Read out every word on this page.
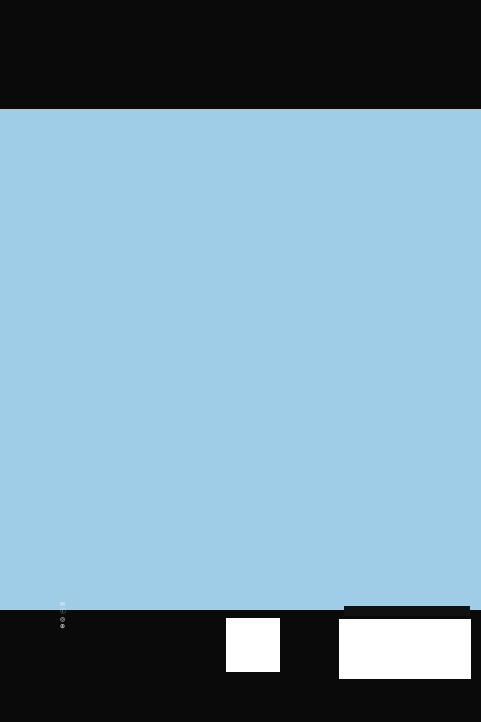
✉
ⓕ
◎
⊕
